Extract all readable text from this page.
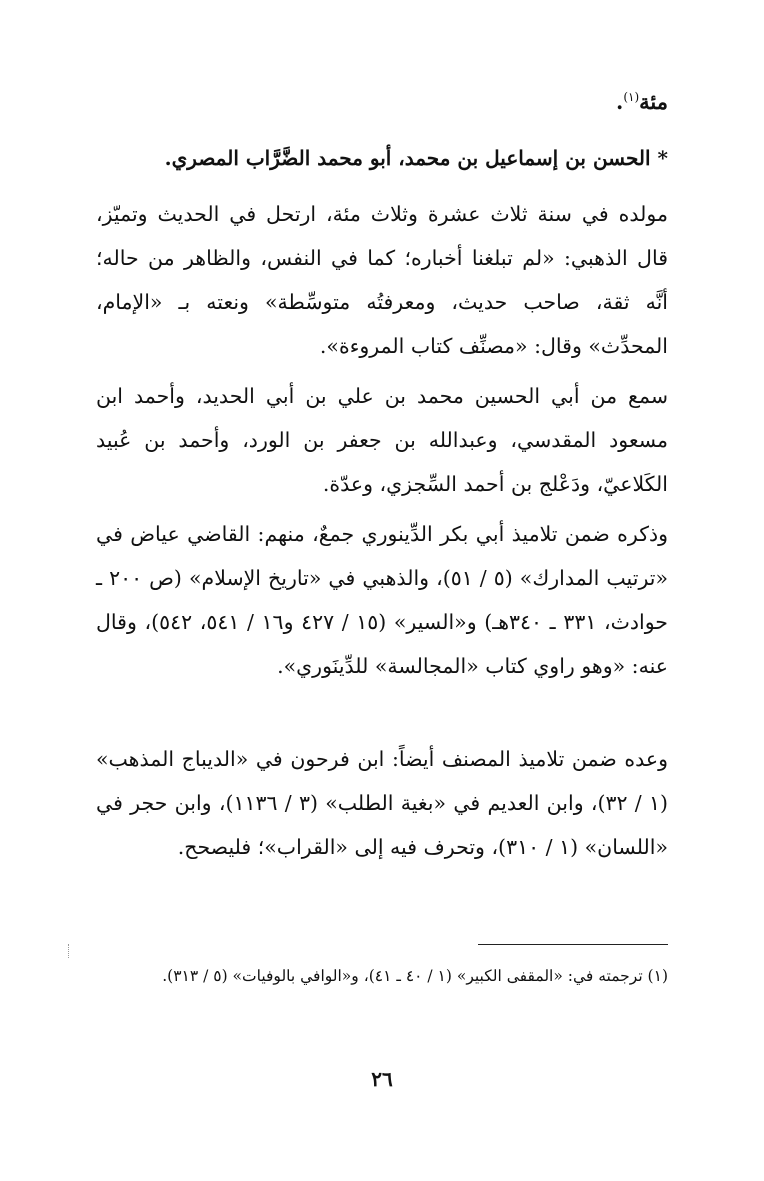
مئة$^{(١)}$.
* الحسن بن إسماعيل بن محمد، أبو محمد الضَّرَّاب المصري.
مولده في سنة ثلاث عشرة وثلاث مئة، ارتحل في الحديث وتميّز، قال الذهبي: «لم تبلغنا أخباره؛ كما في النفس، والظاهر من حاله؛ أنَّه ثقة، صاحب حديث، ومعرفتُه متوسِّطة» ونعته بـ «الإمام، المحدِّث» وقال: «مصنِّف كتاب المروءة».
سمع من أبي الحسين محمد بن علي بن أبي الحديد، وأحمد ابن مسعود المقدسي، وعبدالله بن جعفر بن الورد، وأحمد بن عُبيد الكَلاعيّ، ودَعْلج بن أحمد السِّجزي، وعدّة.
وذكره ضمن تلاميذ أبي بكر الدِّينوري جمعٌ، منهم: القاضي عياض في «ترتيب المدارك» (٥ / ٥١)، والذهبي في «تاريخ الإسلام» (ص ٢٠٠ ـ حوادث، ٣٣١ ـ ٣٤٠هـ) و«السير» (١٥ / ٤٢٧ و١٦ / ٥٤١، ٥٤٢)، وقال عنه: «وهو راوي كتاب «المجالسة» للدِّينَوري».
وعده ضمن تلاميذ المصنف أيضاً: ابن فرحون في «الديباج المذهب» (١ / ٣٢)، وابن العديم في «بغية الطلب» (٣ / ١١٣٦)، وابن حجر في «اللسان» (١ / ٣١٠)، وتحرف فيه إلى «القراب»؛ فليصحح.
(١) ترجمته في: «المقفى الكبير» (١ / ٤٠ ـ ٤١)، و«الوافي بالوفيات» (٥ / ٣١٣).
٢٦
